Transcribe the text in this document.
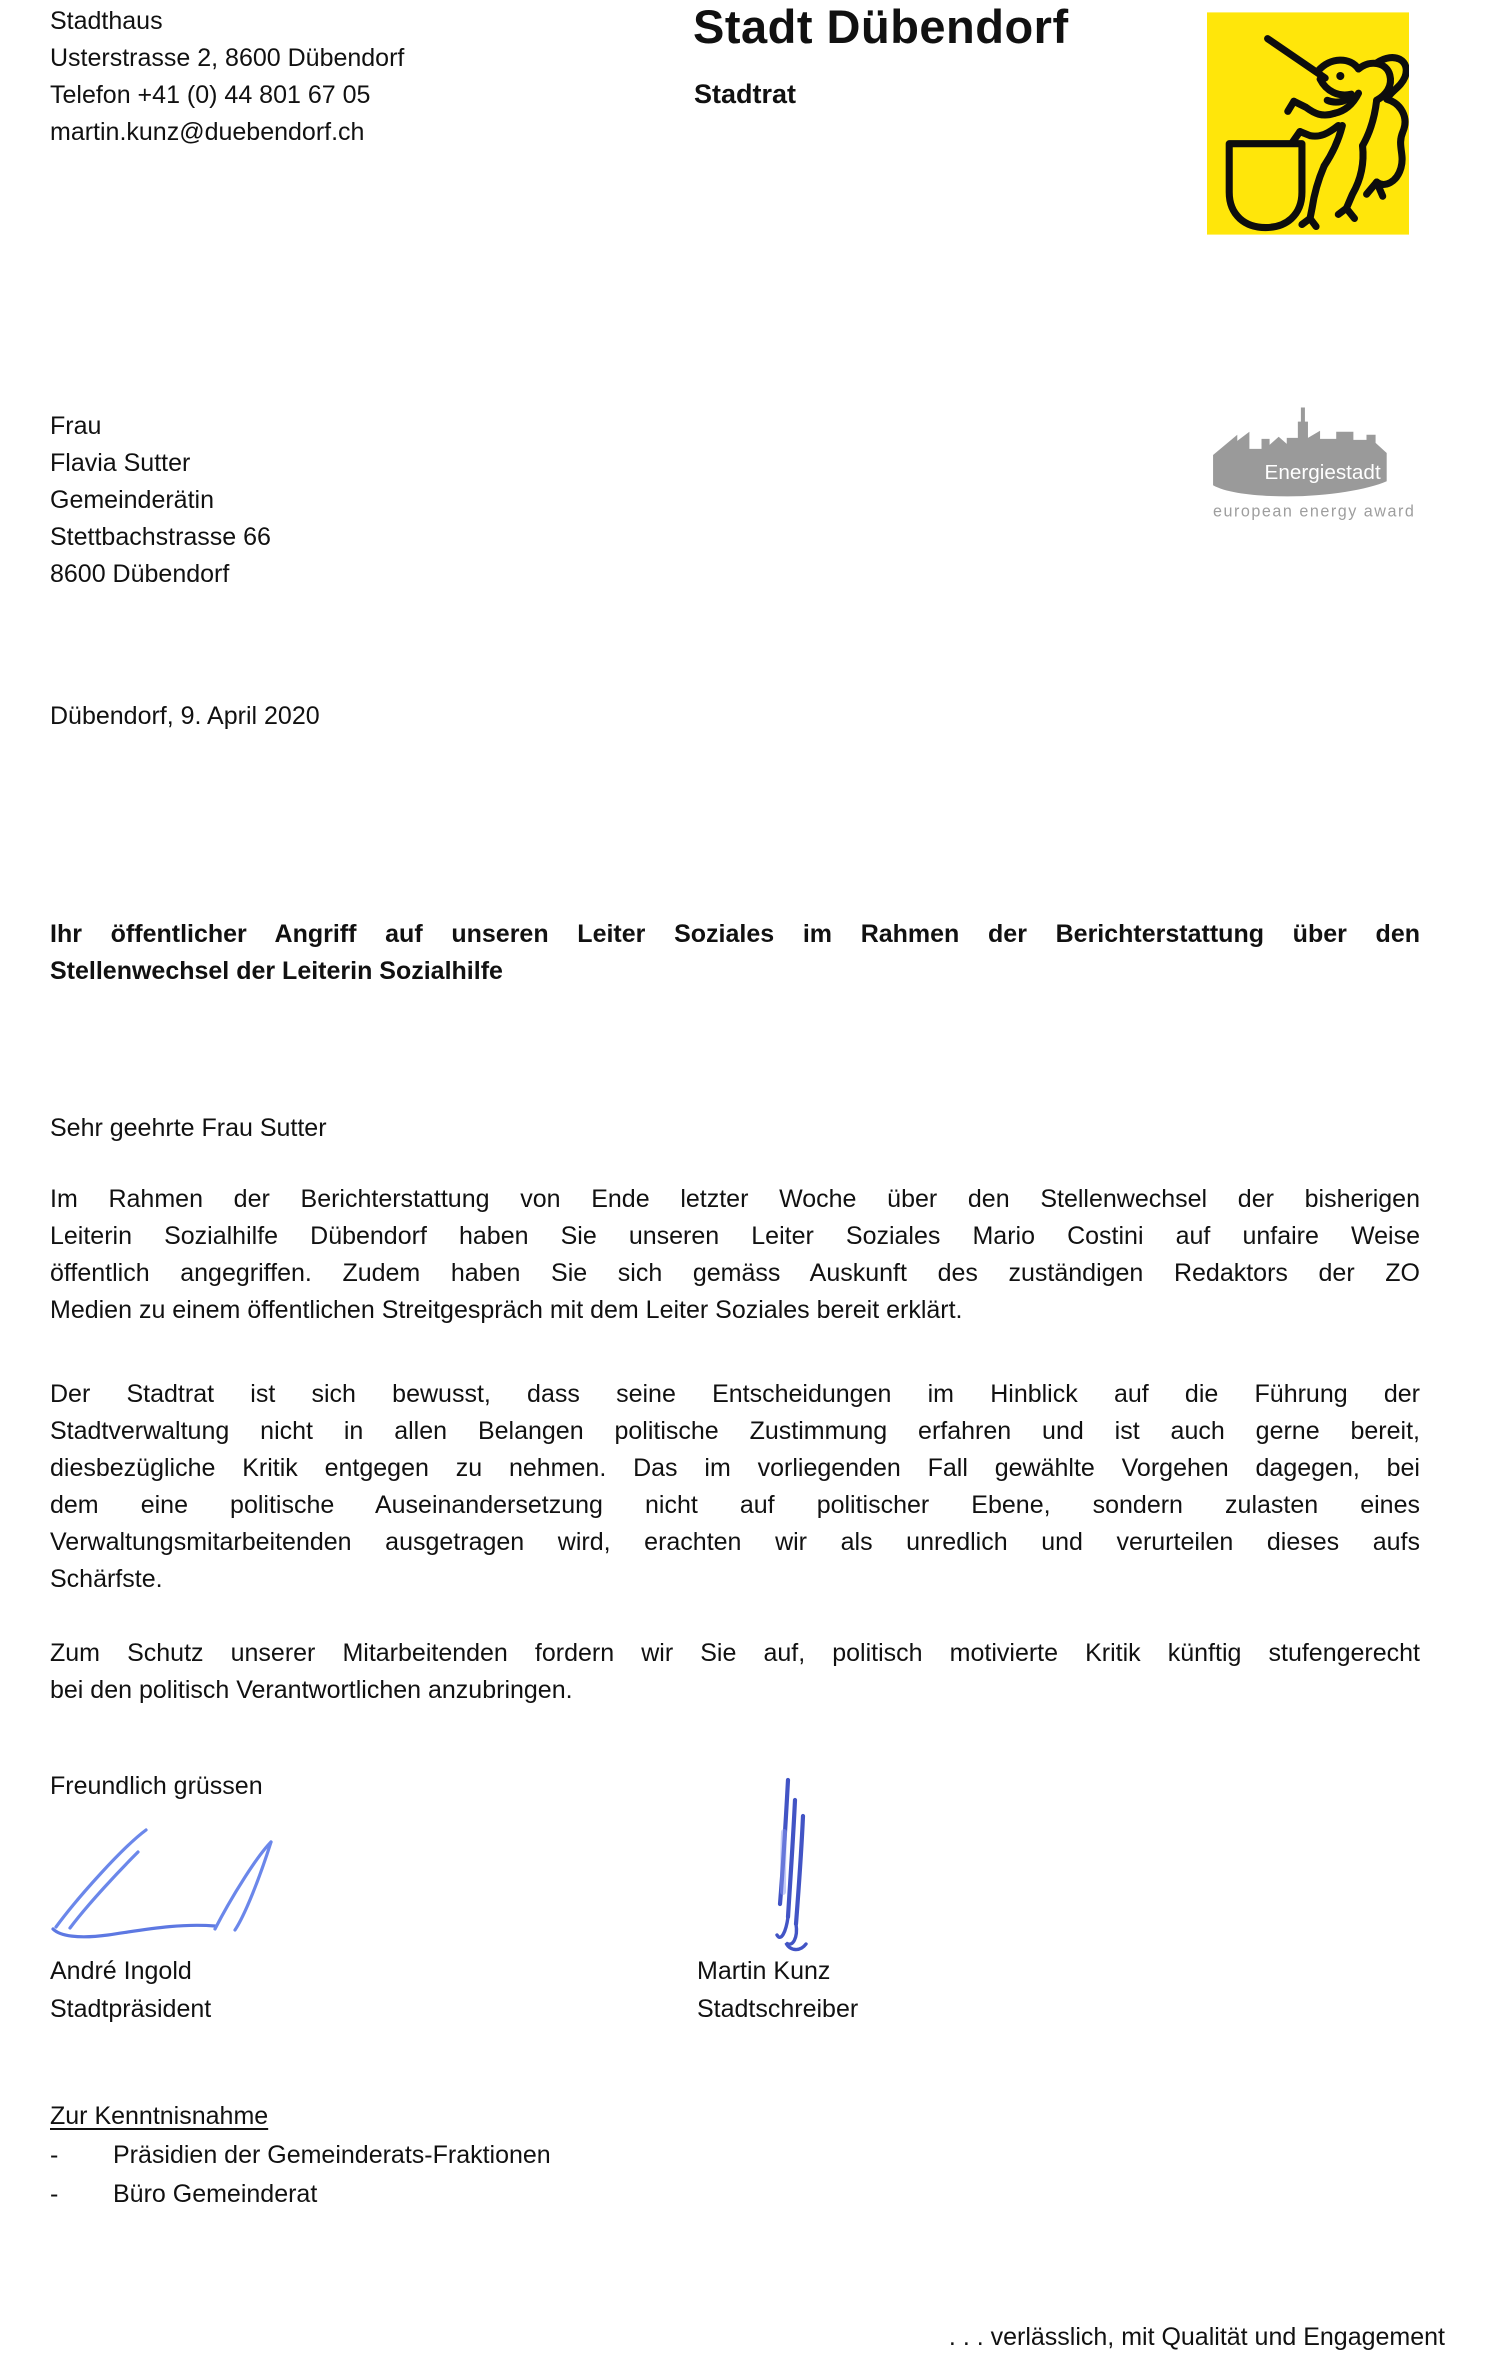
Stadthaus
Usterstrasse 2, 8600 Dübendorf
Telefon +41 (0) 44 801 67 05
martin.kunz@duebendorf.ch
Stadt Dübendorf
Stadtrat
Energiestadt
european energy award
Frau
Flavia Sutter
Gemeinderätin
Stettbachstrasse 66
8600 Dübendorf
Dübendorf, 9. April 2020
Ihr öffentlicher Angriff auf unseren Leiter Soziales im Rahmen der Berichterstattung über den
Stellenwechsel der Leiterin Sozialhilfe
Sehr geehrte Frau Sutter
Im Rahmen der Berichterstattung von Ende letzter Woche über den Stellenwechsel der bisherigen
Leiterin Sozialhilfe Dübendorf haben Sie unseren Leiter Soziales Mario Costini auf unfaire Weise
öffentlich angegriffen. Zudem haben Sie sich gemäss Auskunft des zuständigen Redaktors der ZO
Medien zu einem öffentlichen Streitgespräch mit dem Leiter Soziales bereit erklärt.
Der Stadtrat ist sich bewusst, dass seine Entscheidungen im Hinblick auf die Führung der
Stadtverwaltung nicht in allen Belangen politische Zustimmung erfahren und ist auch gerne bereit,
diesbezügliche Kritik entgegen zu nehmen. Das im vorliegenden Fall gewählte Vorgehen dagegen, bei
dem eine politische Auseinandersetzung nicht auf politischer Ebene, sondern zulasten eines
Verwaltungsmitarbeitenden ausgetragen wird, erachten wir als unredlich und verurteilen dieses aufs
Schärfste.
Zum Schutz unserer Mitarbeitenden fordern wir Sie auf, politisch motivierte Kritik künftig stufengerecht
bei den politisch Verantwortlichen anzubringen.
Freundlich grüssen
André Ingold
Stadtpräsident
Martin Kunz
Stadtschreiber
Zur Kenntnisnahme
-	Präsidien der Gemeinderats-Fraktionen
-	Büro Gemeinderat
. . . verlässlich, mit Qualität und Engagement
